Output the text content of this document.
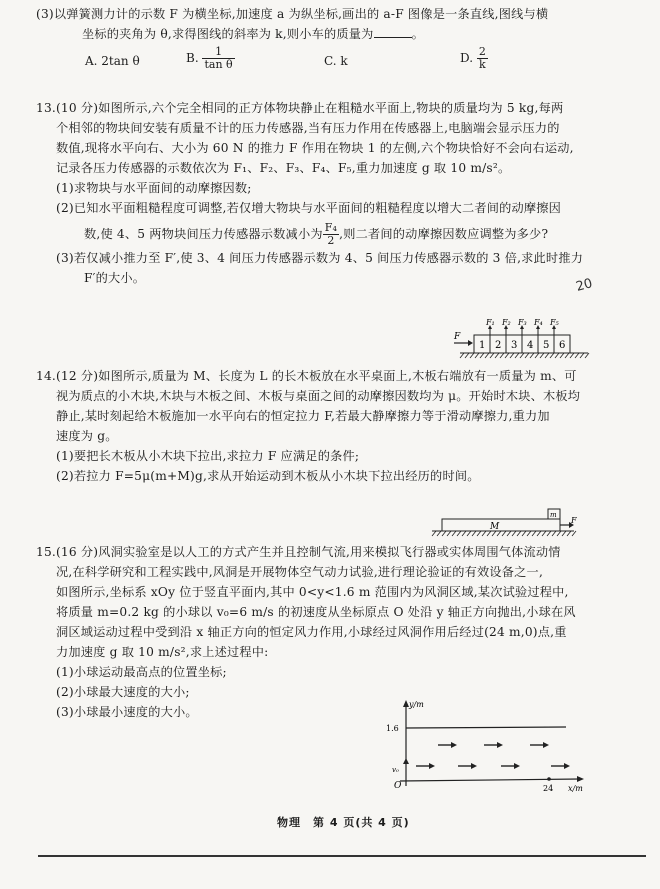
(3)以弹簧测力计的示数 F 为横坐标,加速度 a 为纵坐标,画出的 a-F 图像是一条直线,图线与横
坐标的夹角为 θ,求得图线的斜率为 k,则小车的质量为	。
A. 2tan θ	B. $\frac{1}{\text{tan θ}}$	C. k	D. $\frac{2}{k}$
13.(10 分)如图所示,六个完全相同的正方体物块静止在粗糙水平面上,物块的质量均为 5 kg,每两
个相邻的物块间安装有质量不计的压力传感器,当有压力作用在传感器上,电脑端会显示压力的
数值,现将水平向右、大小为 60 N 的推力 F 作用在物块 1 的左侧,六个物块恰好不会向右运动,
记录各压力传感器的示数依次为 F₁、F₂、F₃、F₄、F₅,重力加速度 g 取 10 m/s²。
(1)求物块与水平面间的动摩擦因数;
(2)已知水平面粗糙程度可调整,若仅增大物块与水平面间的粗糙程度以增大二者间的动摩擦因
数,使 4、5 两物块间压力传感器示数减小为 $\frac{\text{F₄}}{2}$ ,则二者间的动摩擦因数应调整为多少?
(3)若仅减小推力至 F′,使 3、4 间压力传感器示数为 4、5 间压力传感器示数的 3 倍,求此时推力
F′的大小。	20
F
1 2 3 4 5 6
F₁ F₂ F₃ F₄ F₅
14.(12 分)如图所示,质量为 M、长度为 L 的长木板放在水平桌面上,木板右端放有一质量为 m、可
视为质点的小木块,木块与木板之间、木板与桌面之间的动摩擦因数均为 μ。开始时木块、木板均
静止,某时刻起给木板施加一水平向右的恒定拉力 F,若最大静摩擦力等于滑动摩擦力,重力加
速度为 g。
(1)要把长木板从小木块下拉出,求拉力 F 应满足的条件;
(2)若拉力 F=5μ(m+M)g,求从开始运动到木板从小木块下拉出经历的时间。
M
m
F
15.(16 分)风洞实验室是以人工的方式产生并且控制气流,用来模拟飞行器或实体周围气体流动情
况,在科学研究和工程实践中,风洞是开展物体空气动力试验,进行理论验证的有效设备之一,
如图所示,坐标系 xOy 位于竖直平面内,其中 0<y<1.6 m 范围内为风洞区域,某次试验过程中,
将质量 m=0.2 kg 的小球以 v₀=6 m/s 的初速度从坐标原点 O 处沿 y 轴正方向抛出,小球在风
洞区域运动过程中受到沿 x 轴正方向的恒定风力作用,小球经过风洞作用后经过(24 m,0)点,重
力加速度 g 取 10 m/s²,求上述过程中:
(1)小球运动最高点的位置坐标;
(2)小球最大速度的大小;
(3)小球最小速度的大小。
y/m
x/m
1.6
v₀
O	24
物理　第 4 页(共 4 页)
